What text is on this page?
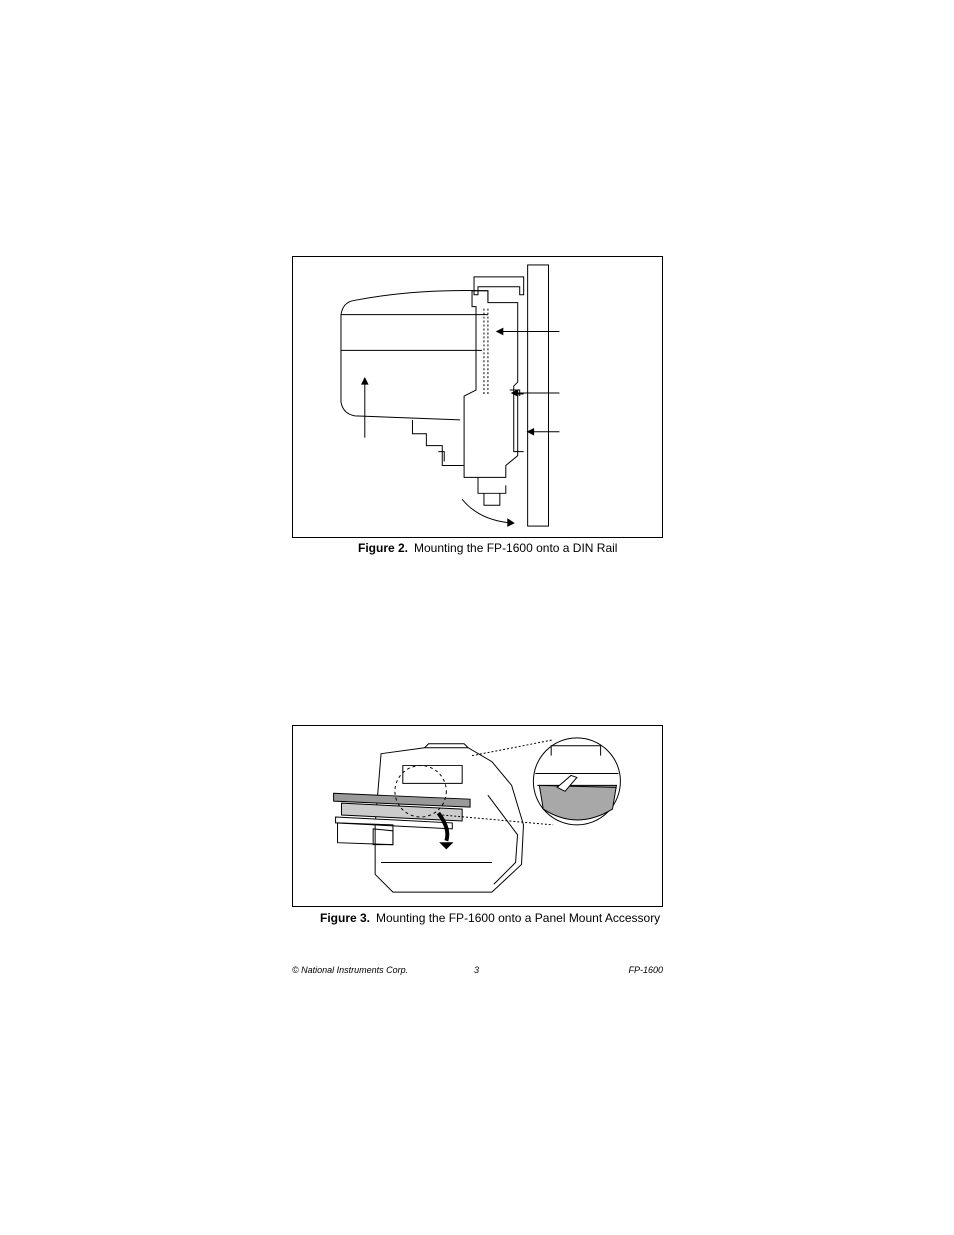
Figure 2. Mounting the FP-1600 onto a DIN Rail
Figure 3. Mounting the FP-1600 onto a Panel Mount Accessory
© National Instruments Corp.	3	FP-1600
